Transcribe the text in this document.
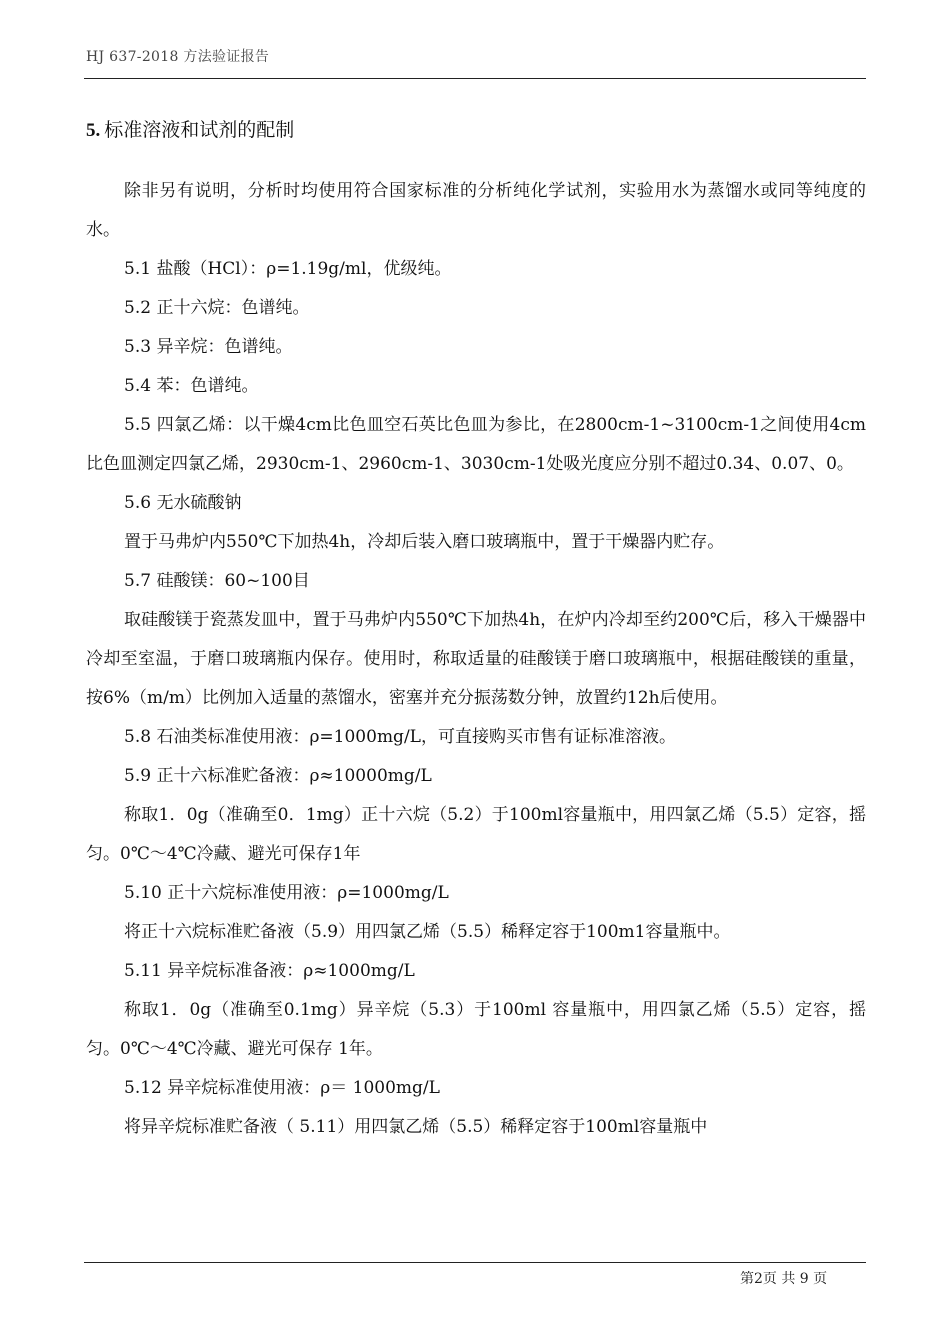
HJ 637-2018 方法验证报告
5. 标准溶液和试剂的配制

除非另有说明，分析时均使用符合国家标准的分析纯化学试剂，实验用水为蒸馏水或同等纯度的水。

5.1 盐酸（HCl）：ρ=1.19g/ml，优级纯。

5.2 正十六烷：色谱纯。

5.3 异辛烷：色谱纯。

5.4 苯：色谱纯。

5.5 四氯乙烯：以干燥4cm比色皿空石英比色皿为参比，在2800cm-1~3100cm-1之间使用4cm比色皿测定四氯乙烯，2930cm-1、2960cm-1、3030cm-1处吸光度应分别不超过0.34、0.07、0。

5.6 无水硫酸钠

置于马弗炉内550℃下加热4h，冷却后装入磨口玻璃瓶中，置于干燥器内贮存。

5.7 硅酸镁：60~100目

取硅酸镁于瓷蒸发皿中，置于马弗炉内550℃下加热4h，在炉内冷却至约200℃后，移入干燥器中冷却至室温，于磨口玻璃瓶内保存。使用时，称取适量的硅酸镁于磨口玻璃瓶中，根据硅酸镁的重量，按6%（m/m）比例加入适量的蒸馏水，密塞并充分振荡数分钟，放置约12h后使用。

5.8 石油类标准使用液：ρ=1000mg/L，可直接购买市售有证标准溶液。

5.9 正十六标准贮备液：ρ≈10000mg/L

称取1．0g（准确至0．1mg）正十六烷（5.2）于100ml容量瓶中，用四氯乙烯（5.5）定容，摇匀。0℃～4℃冷藏、避光可保存1年

5.10 正十六烷标准使用液：ρ=1000mg/L

将正十六烷标准贮备液（5.9）用四氯乙烯（5.5）稀释定容于100m1容量瓶中。

5.11 异辛烷标准备液：ρ≈1000mg/L

称取1．0g（准确至0.1mg）异辛烷（5.3）于100ml 容量瓶中，用四氯乙烯（5.5）定容，摇匀。0℃～4℃冷藏、避光可保存 1年。

5.12 异辛烷标准使用液：ρ＝ 1000mg/L

将异辛烷标准贮备液（ 5.11）用四氯乙烯（5.5）稀释定容于100ml容量瓶中

第2页 共 9 页
